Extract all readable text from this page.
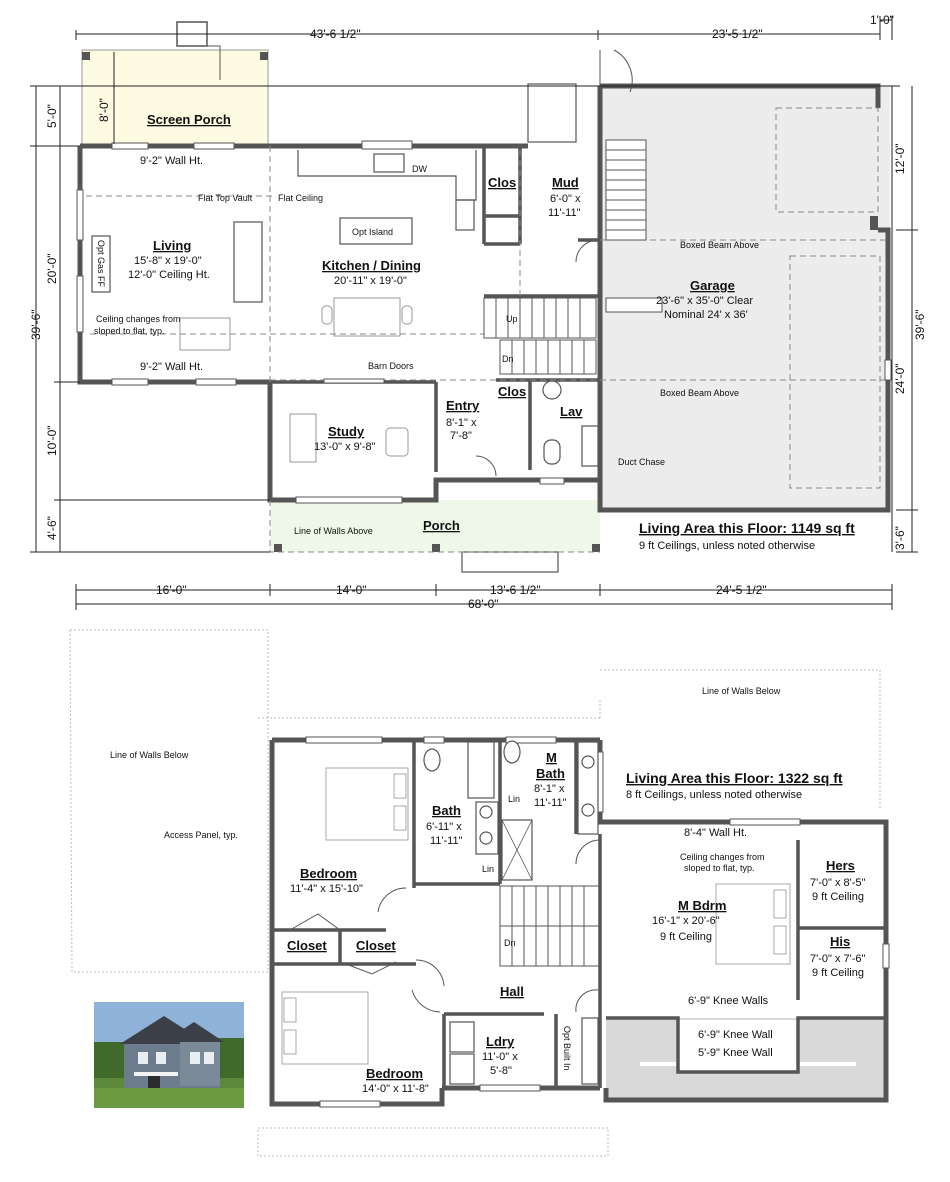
43'-6 1/2"	23'-5 1/2"
1'-0"
16'-0"	14'-0"	13'-6 1/2"	24'-5 1/2"
68'-0"
5'-0"	8'-0"
20'-0"
39'-6"
10'-0"
4'-6"
12'-0"
39'-6"
24'-0"
3'-6"
Screen Porch
9'-2" Wall Ht.
9'-2" Wall Ht.
Flat Top Vault	Flat Ceiling
Living
15'-8" x 19'-0"
12'-0" Ceiling Ht.
Opt Gas FF
Ceiling changes from
sloped to flat, typ.
Kitchen / Dining
20'-11" x 19'-0"
Opt Island
DW
Clos	Mud
6'-0" x
11'-11"
Garage
23'-6" x 35'-0" Clear
Nominal 24' x 36'
Boxed Beam Above
Boxed Beam Above
Duct Chase
Barn Doors
Study
13'-0" x 9'-8"
Entry
8'-1" x
7'-8"
Clos
Lav
Up
Dn
Porch
Line of Walls Above	Living Area this Floor: 1149 sq ft
9 ft Ceilings, unless noted otherwise
Line of Walls Below
Line of Walls Below
Access Panel, typ.
Bedroom
11'-4" x 15'-10"
Bath
6'-11" x
11'-11"
M
Bath
8'-1" x
11'-11"
Lin
Lin
Closet Closet
M Bdrm
16'-1" x 20'-6"
9 ft Ceiling
8'-4" Wall Ht.
Ceiling changes from
sloped to flat, typ.	Hers
7'-0" x 8'-5"
9 ft Ceiling
His
7'-0" x 7'-6"
9 ft Ceiling
Dn
Hall
Bedroom
14'-0" x 11'-8"
Ldry
11'-0" x
5'-8"
Opt Built In
6'-9" Knee Walls
6'-9" Knee Wall
5'-9" Knee Wall
Living Area this Floor: 1322 sq ft
8 ft Ceilings, unless noted otherwise
